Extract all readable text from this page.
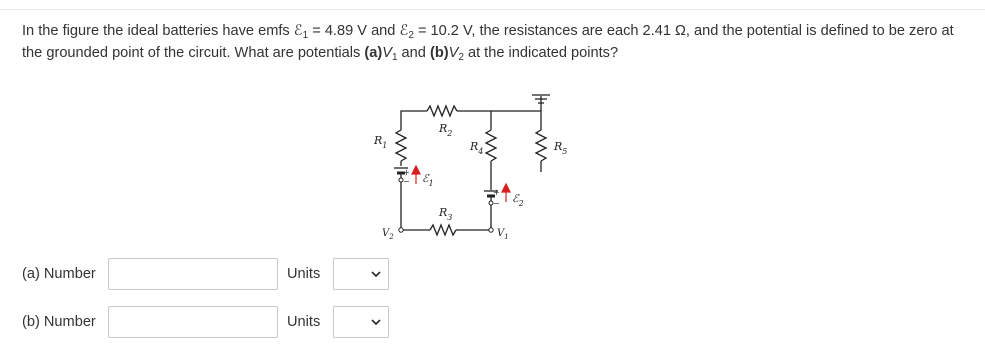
In the figure the ideal batteries have emfs ℰ$_1$ = 4.89 V and ℰ$_2$ = 10.2 V, the resistances are each 2.41 Ω, and the potential is defined to be zero at the grounded point of the circuit. What are potentials $(a)V_1$ and $(b)V_2$ at the indicated points?
$R_1$
$R_2$
$R_3$
$R_4$	$R_5$
ℰ$_1$
ℰ$_2$
$V_2$	$V_1$
+
−
+
−
(a) Number	Units
(b) Number	Units
